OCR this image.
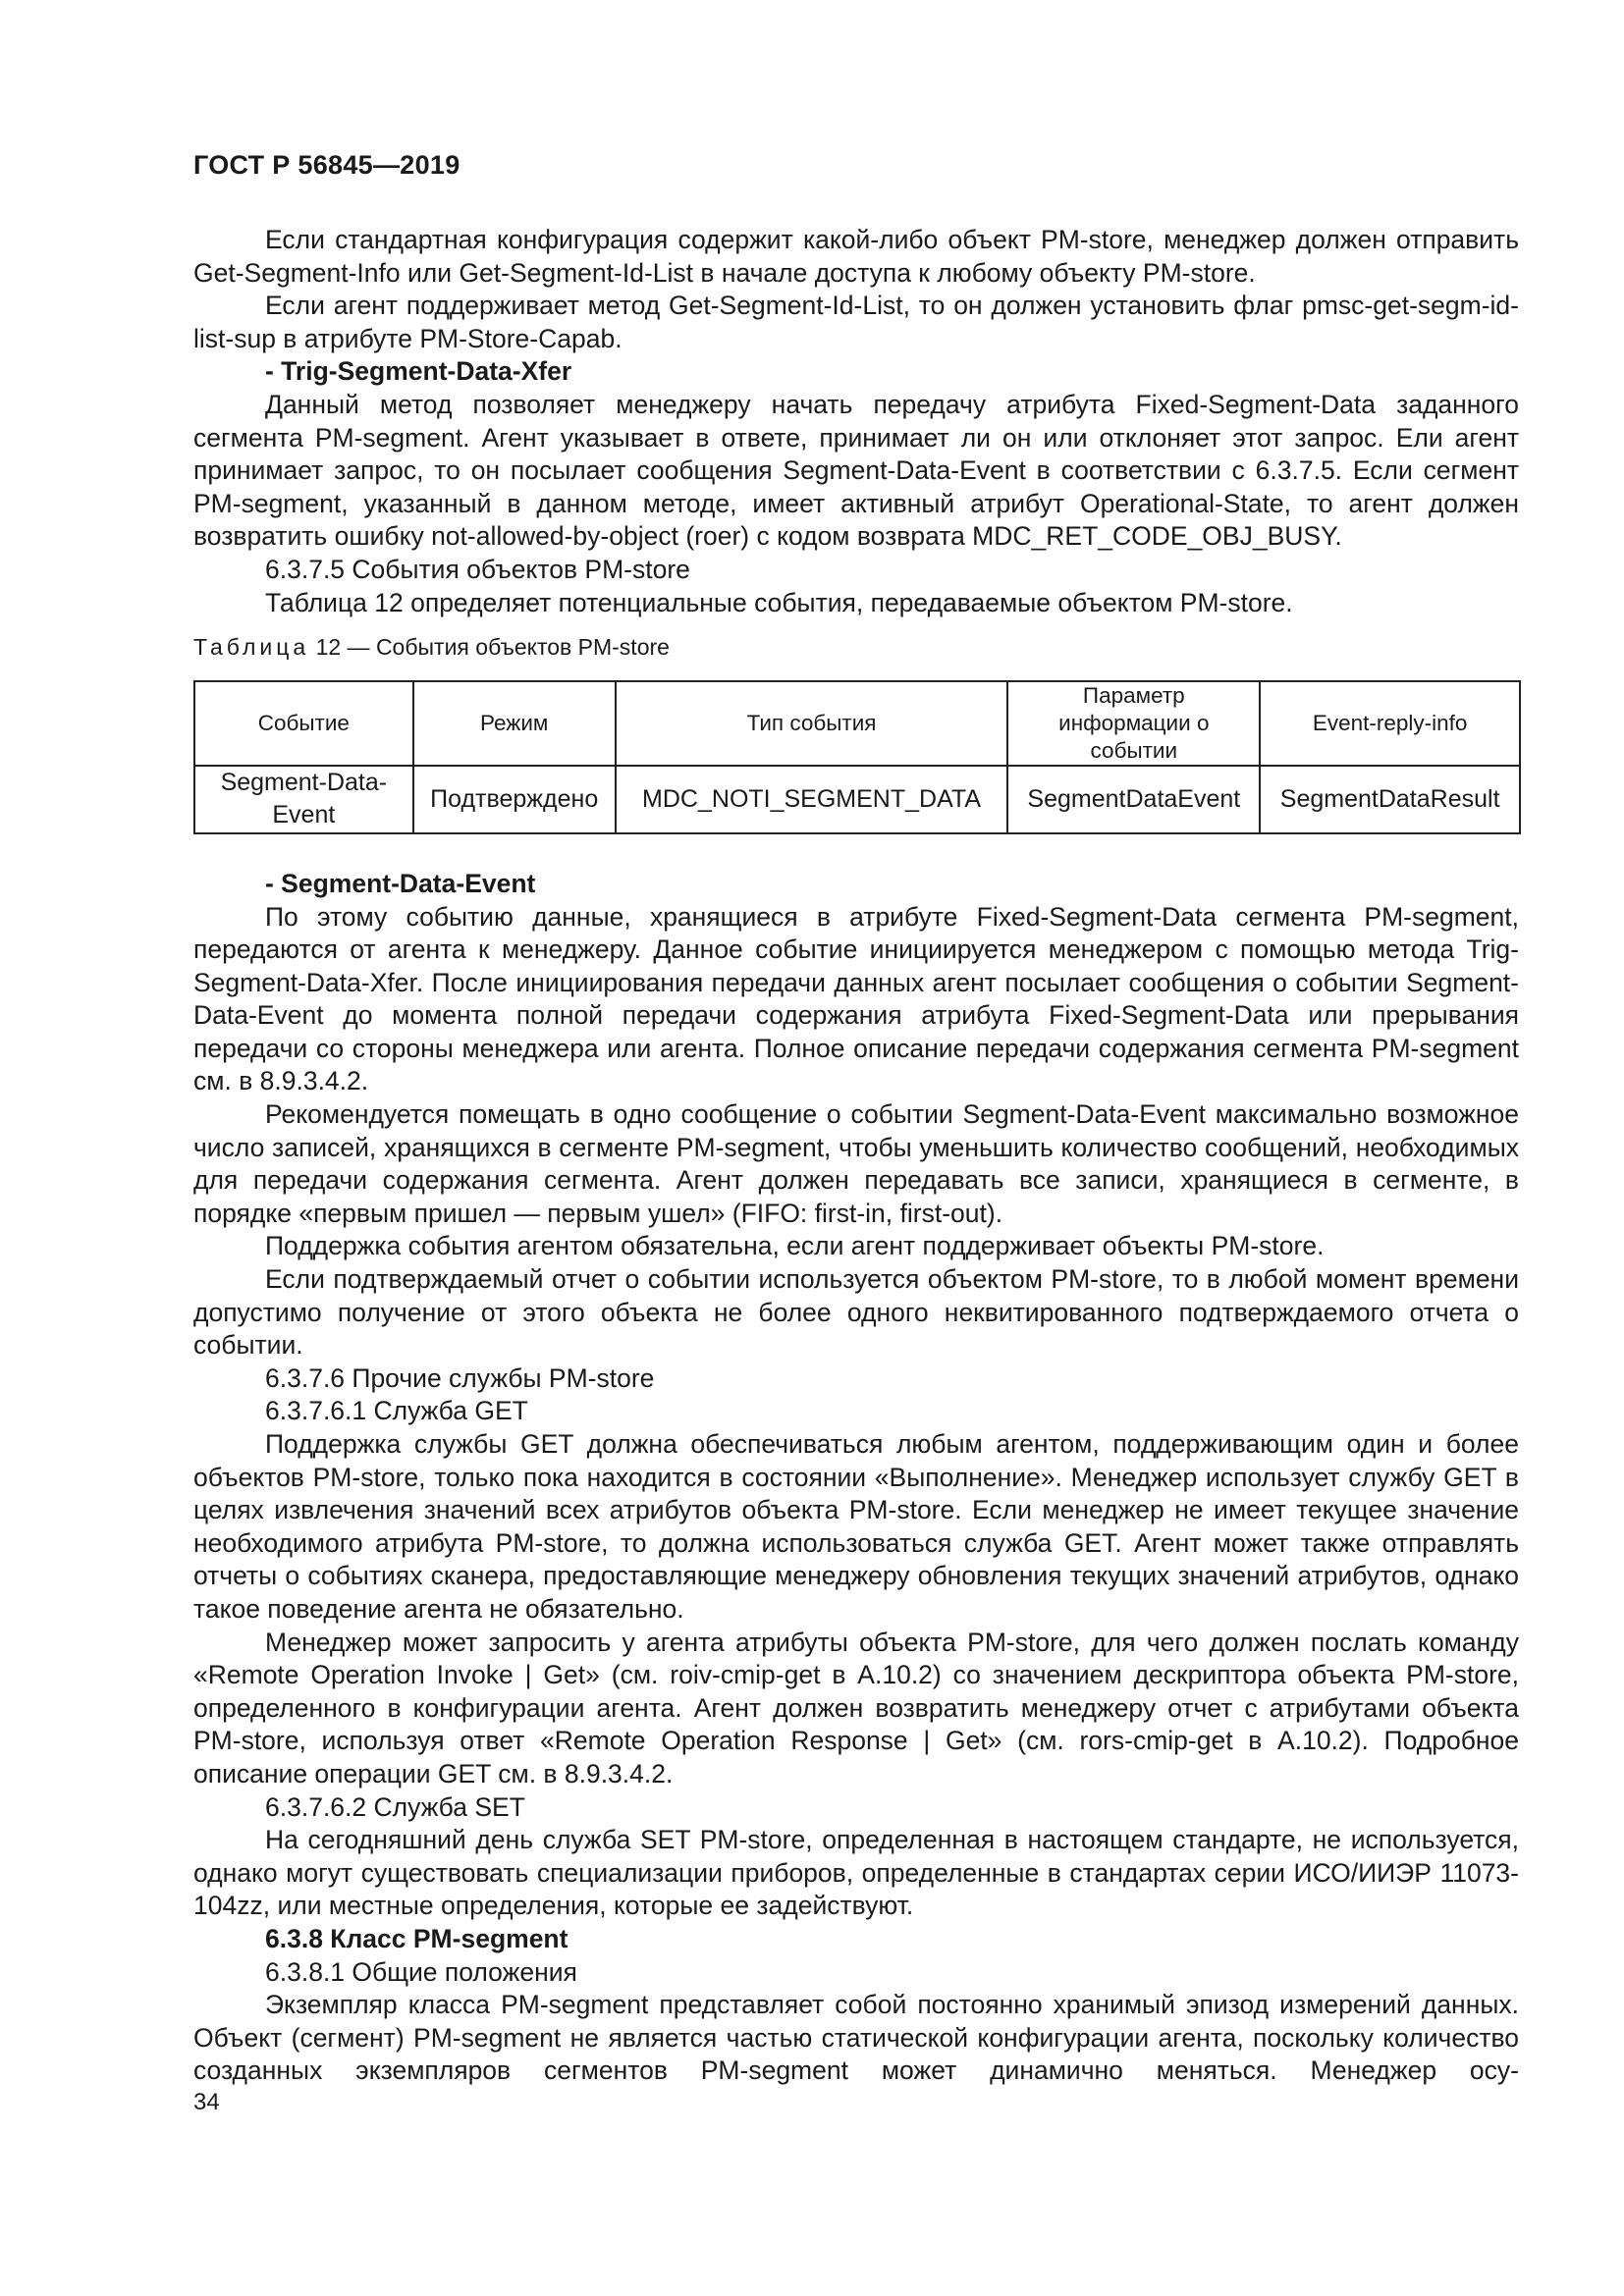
ГОСТ Р 56845—2019

Если стандартная конфигурация содержит какой-либо объект PM-store, менеджер должен отправить Get-Segment-Info или Get-Segment-Id-List в начале доступа к любому объекту PM-store.

Если агент поддерживает метод Get-Segment-Id-List, то он должен установить флаг pmsc-get-segm-id-list-sup в атрибуте PM-Store-Capab.

- Trig-Segment-Data-Xfer

Данный метод позволяет менеджеру начать передачу атрибута Fixed-Segment-Data заданного сегмента PM-segment. Агент указывает в ответе, принимает ли он или отклоняет этот запрос. Ели агент принимает запрос, то он посылает сообщения Segment-Data-Event в соответствии с 6.3.7.5. Если сегмент PM-segment, указанный в данном методе, имеет активный атрибут Operational-State, то агент должен возвратить ошибку not-allowed-by-object (roer) с кодом возврата MDC_RET_CODE_OBJ_BUSY.

6.3.7.5 События объектов PM-store

Таблица 12 определяет потенциальные события, передаваемые объектом PM-store.

Таблица 12 — События объектов PM-store

Событие	Режим	Тип события	Параметр информации о событии	Event-reply-info
Segment-Data-Event	Подтверждено	MDC_NOTI_SEGMENT_DATA	SegmentDataEvent	SegmentDataResult

- Segment-Data-Event

По этому событию данные, хранящиеся в атрибуте Fixed-Segment-Data сегмента PM-segment, передаются от агента к менеджеру. Данное событие инициируется менеджером с помощью метода Trig-Segment-Data-Xfer. После инициирования передачи данных агент посылает сообщения о событии Segment-Data-Event до момента полной передачи содержания атрибута Fixed-Segment-Data или прерывания передачи со стороны менеджера или агента. Полное описание передачи содержания сегмента PM-segment см. в 8.9.3.4.2.

Рекомендуется помещать в одно сообщение о событии Segment-Data-Event максимально возможное число записей, хранящихся в сегменте PM-segment, чтобы уменьшить количество сообщений, необходимых для передачи содержания сегмента. Агент должен передавать все записи, хранящиеся в сегменте, в порядке «первым пришел — первым ушел» (FIFO: first-in, first-out).

Поддержка события агентом обязательна, если агент поддерживает объекты PM-store.

Если подтверждаемый отчет о событии используется объектом PM-store, то в любой момент времени допустимо получение от этого объекта не более одного неквитированного подтверждаемого отчета о событии.

6.3.7.6 Прочие службы PM-store

6.3.7.6.1 Служба GET

Поддержка службы GET должна обеспечиваться любым агентом, поддерживающим один и более объектов PM-store, только пока находится в состоянии «Выполнение». Менеджер использует службу GET в целях извлечения значений всех атрибутов объекта PM-store. Если менеджер не имеет текущее значение необходимого атрибута PM-store, то должна использоваться служба GET. Агент может также отправлять отчеты о событиях сканера, предоставляющие менеджеру обновления текущих значений атрибутов, однако такое поведение агента не обязательно.

Менеджер может запросить у агента атрибуты объекта PM-store, для чего должен послать команду «Remote Operation Invoke | Get» (см. roiv-cmip-get в A.10.2) со значением дескриптора объекта PM-store, определенного в конфигурации агента. Агент должен возвратить менеджеру отчет с атрибутами объекта PM-store, используя ответ «Remote Operation Response | Get» (см. rors-cmip-get в A.10.2). Подробное описание операции GET см. в 8.9.3.4.2.

6.3.7.6.2 Служба SET

На сегодняшний день служба SET PM-store, определенная в настоящем стандарте, не используется, однако могут существовать специализации приборов, определенные в стандартах серии ИСО/ИИЭР 11073-104zz, или местные определения, которые ее задействуют.

6.3.8 Класс PM-segment

6.3.8.1 Общие положения

Экземпляр класса PM-segment представляет собой постоянно хранимый эпизод измерений данных. Объект (сегмент) PM-segment не является частью статической конфигурации агента, поскольку количество созданных экземпляров сегментов PM-segment может динамично меняться. Менеджер осу-

34
